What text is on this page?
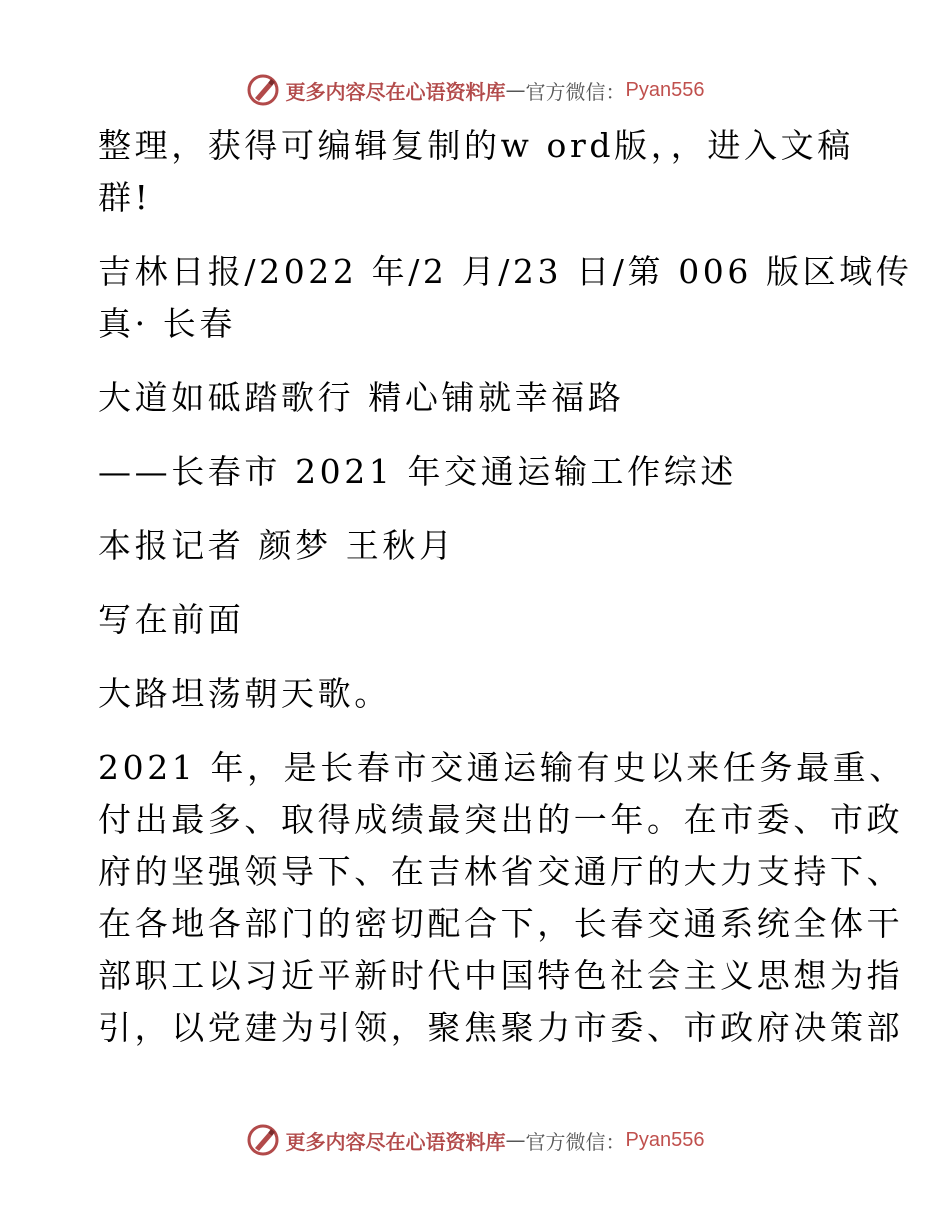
更多内容尽在心语资料库 — 官方微信： Pyan556
整理，获得可编辑复制的w ord版，，进入文稿
群!
吉林日报/2022 年/2 月/23 日/第 006 版区域传
真· 长春
大道如砥踏歌行 精心铺就幸福路
——长春市 2021 年交通运输工作综述
本报记者 颜梦 王秋月
写在前面
大路坦荡朝天歌。
2021 年，是长春市交通运输有史以来任务最重、
付出最多、取得成绩最突出的一年。在市委、市政
府的坚强领导下、在吉林省交通厅的大力支持下、
在各地各部门的密切配合下，长春交通系统全体干
部职工以习近平新时代中国特色社会主义思想为指
引，以党建为引领，聚焦聚力市委、市政府决策部
更多内容尽在心语资料库 — 官方微信： Pyan556
